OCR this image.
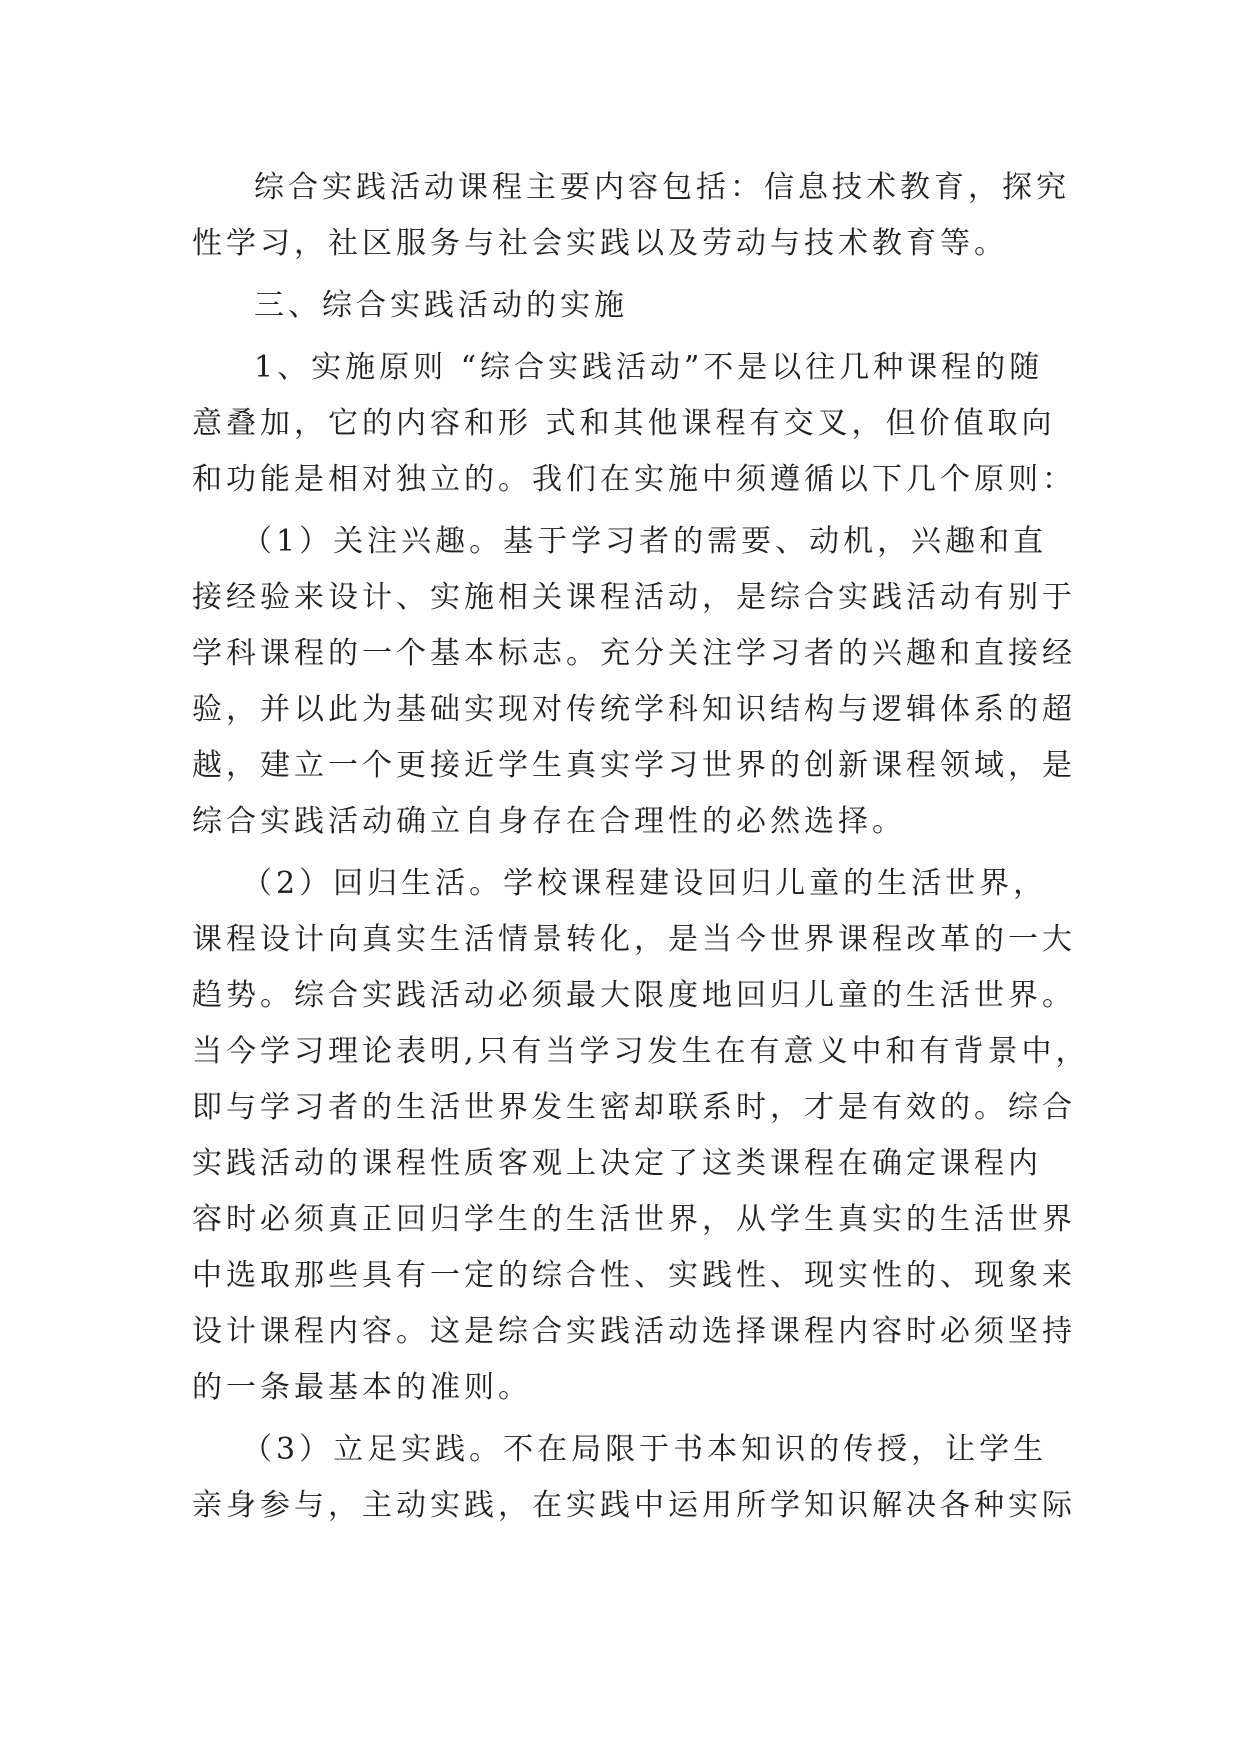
综合实践活动课程主要内容包括：信息技术教育，探究
性学习，社区服务与社会实践以及劳动与技术教育等。
三、综合实践活动的实施
1、实施原则 “综合实践活动”不是以往几种课程的随
意叠加，它的内容和形 式和其他课程有交叉，但价值取向
和功能是相对独立的。我们在实施中须遵循以下几个原则：
（1）关注兴趣。基于学习者的需要、动机，兴趣和直
接经验来设计、实施相关课程活动，是综合实践活动有别于
学科课程的一个基本标志。充分关注学习者的兴趣和直接经
验，并以此为基础实现对传统学科知识结构与逻辑体系的超
越，建立一个更接近学生真实学习世界的创新课程领域，是
综合实践活动确立自身存在合理性的必然选择。
（2）回归生活。学校课程建设回归儿童的生活世界，
课程设计向真实生活情景转化，是当今世界课程改革的一大
趋势。综合实践活动必须最大限度地回归儿童的生活世界。
当今学习理论表明,只有当学习发生在有意义中和有背景中，
即与学习者的生活世界发生密却联系时，才是有效的。综合
实践活动的课程性质客观上决定了这类课程在确定课程内
容时必须真正回归学生的生活世界，从学生真实的生活世界
中选取那些具有一定的综合性、实践性、现实性的、现象来
设计课程内容。这是综合实践活动选择课程内容时必须坚持
的一条最基本的准则。
（3）立足实践。不在局限于书本知识的传授，让学生
亲身参与，主动实践，在实践中运用所学知识解决各种实际
